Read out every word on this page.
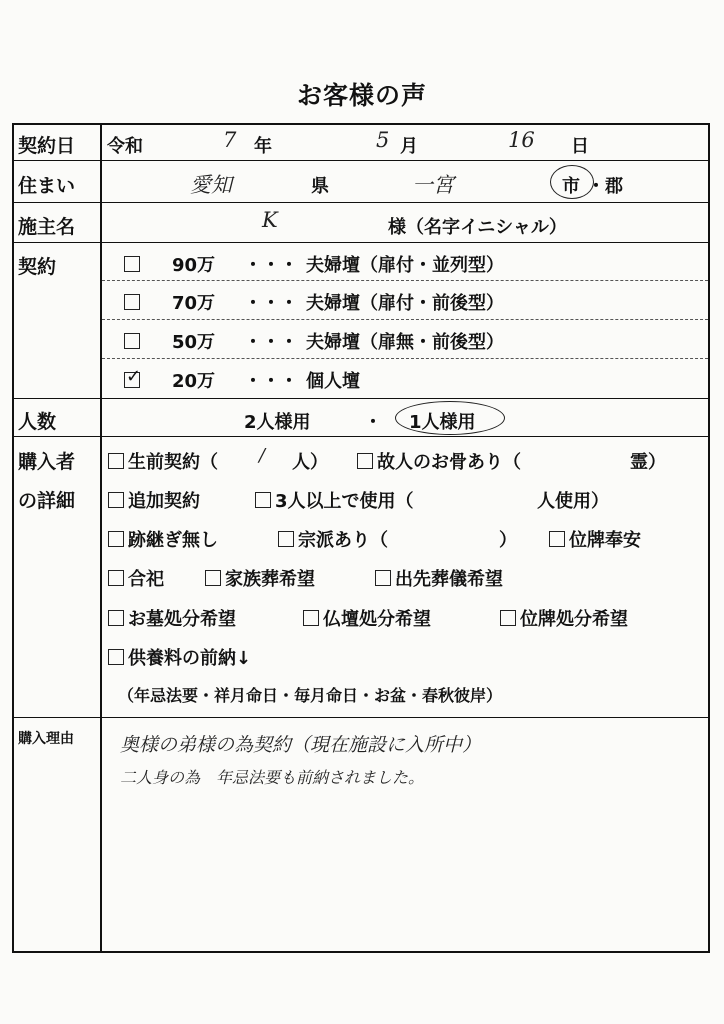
お客様の声
契約日 令和	7 年	5 月	16 日
住まい	愛知	県	一宮	市 ・郡
施主名	K	様（名字イニシャル）
契約	90万 ・・・ 夫婦壇（扉付・並列型）
70万 ・・・ 夫婦壇（扉付・前後型）
50万 ・・・ 夫婦壇（扉無・前後型）
✓ 20万 ・・・ 個人壇
人数	2人様用	・ 1人様用
購入者
の詳細
生前契約（ / 人）	故人のお骨あり（	霊）
追加契約	3人以上で使用（	人使用）
跡継ぎ無し	宗派あり（	）	位牌奉安
合祀	家族葬希望	出先葬儀希望
お墓処分希望	仏壇処分希望	位牌処分希望
供養料の前納↓
（年忌法要・祥月命日・毎月命日・お盆・春秋彼岸）
購入理由 奥様の弟様の為契約（現在施設に入所中）
二人身の為　年忌法要も前納されました。
